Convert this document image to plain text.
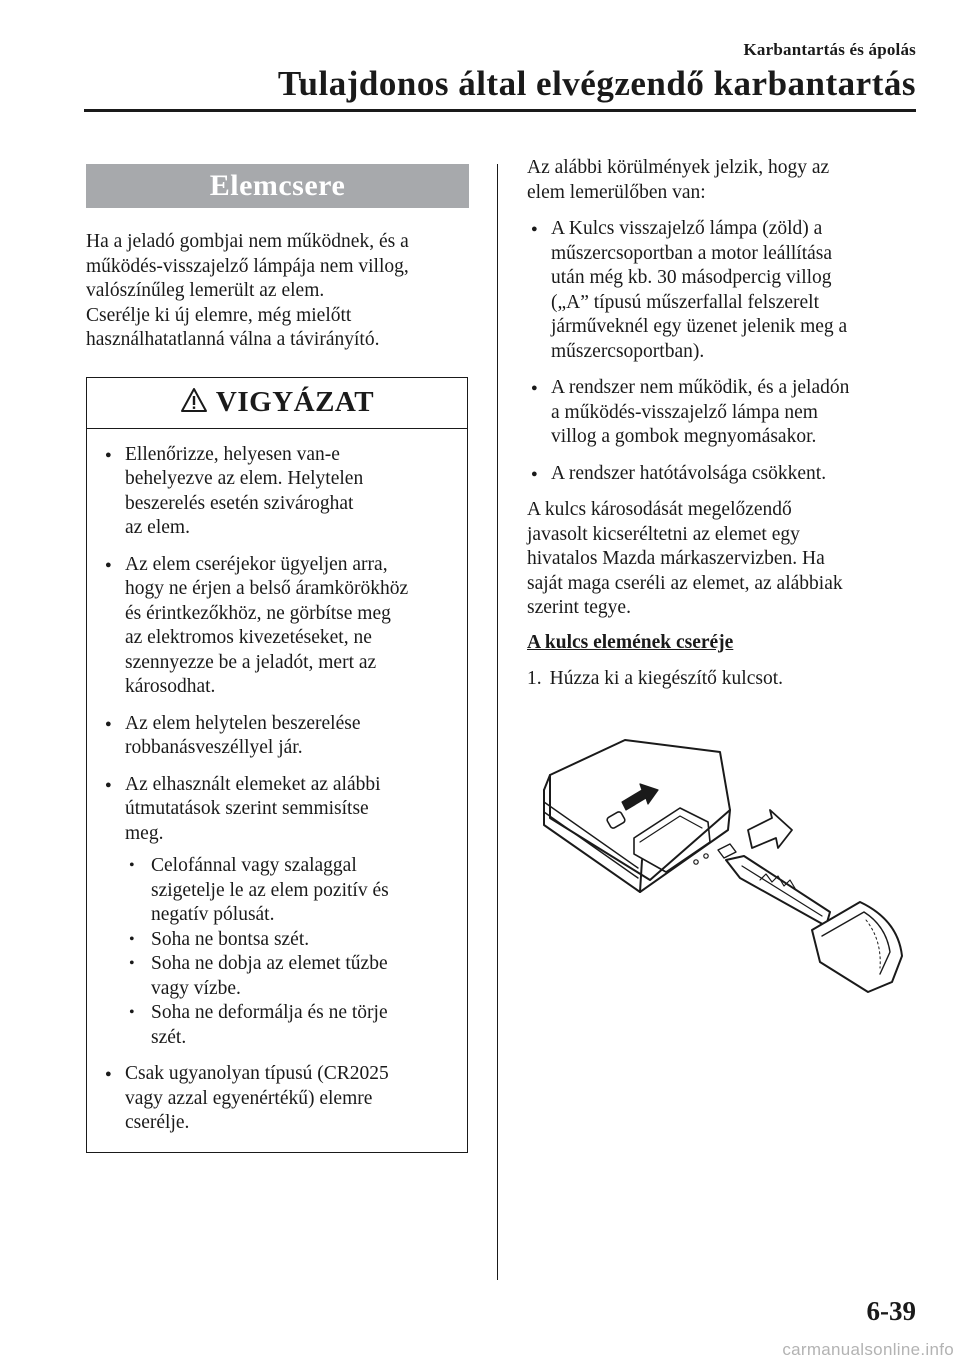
Karbantartás és ápolás
Tulajdonos által elvégzendő karbantartás
Elemcsere

Ha a jeladó gombjai nem működnek, és a
működés-visszajelző lámpája nem villog,
valószínűleg lemerült az elem.
Cserélje ki új elemre, még mielőtt
használhatatlanná válna a távirányító.

VIGYÁZAT
● Ellenőrizze, helyesen van-e
behelyezve az elem. Helytelen
beszerelés esetén szivároghat
az elem.
● Az elem cseréjekor ügyeljen arra,
hogy ne érjen a belső áramkörökhöz
és érintkezőkhöz, ne görbítse meg
az elektromos kivezetéseket, ne
szennyezze be a jeladót, mert az
károsodhat.
● Az elem helytelen beszerelése
robbanásveszéllyel jár.
● Az elhasznált elemeket az alábbi
útmutatások szerint semmisítse
meg.
• Celofánnal vagy szalaggal
szigetelje le az elem pozitív és
negatív pólusát.
• Soha ne bontsa szét.
• Soha ne dobja az elemet tűzbe
vagy vízbe.
• Soha ne deformálja és ne törje
szét.
● Csak ugyanolyan típusú (CR2025
vagy azzal egyenértékű) elemre
cserélje.

Az alábbi körülmények jelzik, hogy az
elem lemerülőben van:

● A Kulcs visszajelző lámpa (zöld) a
műszercsoportban a motor leállítása
után még kb. 30 másodpercig villog
(„A” típusú műszerfallal felszerelt
járműveknél egy üzenet jelenik meg a
műszercsoportban).
● A rendszer nem működik, és a jeladón
a működés-visszajelző lámpa nem
villog a gombok megnyomásakor.
● A rendszer hatótávolsága csökkent.

A kulcs károsodását megelőzendő
javasolt kicseréltetni az elemet egy
hivatalos Mazda márkaszervizben. Ha
saját maga cseréli az elemet, az alábbiak
szerint tegye.

A kulcs elemének cseréje

1. Húzza ki a kiegészítő kulcsot.

6-39
carmanualsonline.info
